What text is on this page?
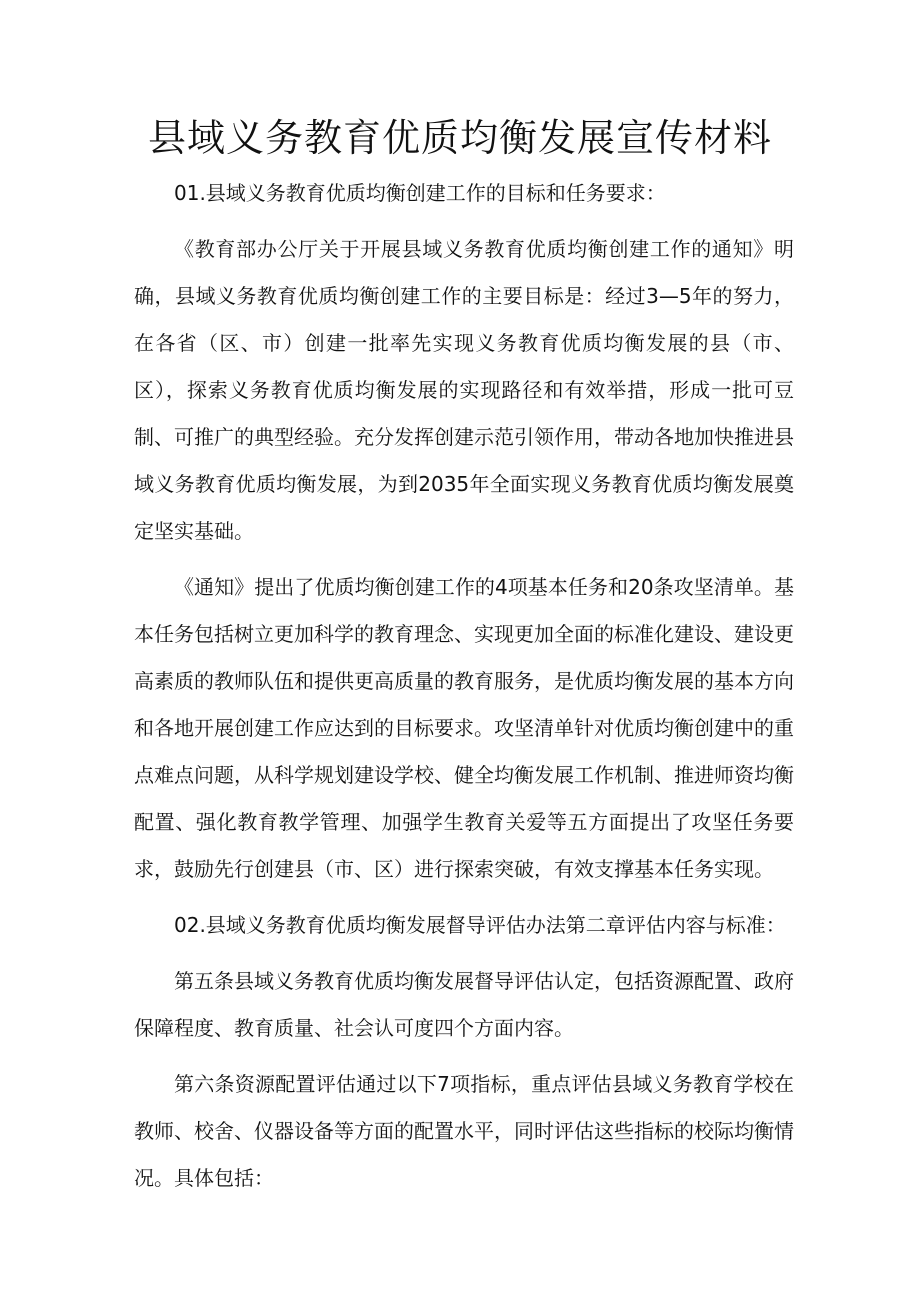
县域义务教育优质均衡发展宣传材料

01.县域义务教育优质均衡创建工作的目标和任务要求：

《教育部办公厅关于开展县域义务教育优质均衡创建工作的通知》明确，县域义务教育优质均衡创建工作的主要目标是：经过3—5年的努力，在各省（区、市）创建一批率先实现义务教育优质均衡发展的县（市、区），探索义务教育优质均衡发展的实现路径和有效举措，形成一批可豆制、可推广的典型经验。充分发挥创建示范引领作用，带动各地加快推进县域义务教育优质均衡发展，为到2035年全面实现义务教育优质均衡发展奠定坚实基础。

《通知》提出了优质均衡创建工作的4项基本任务和20条攻坚清单。基本任务包括树立更加科学的教育理念、实现更加全面的标准化建设、建设更高素质的教师队伍和提供更高质量的教育服务，是优质均衡发展的基本方向和各地开展创建工作应达到的目标要求。攻坚清单针对优质均衡创建中的重点难点问题，从科学规划建设学校、健全均衡发展工作机制、推进师资均衡配置、强化教育教学管理、加强学生教育关爱等五方面提出了攻坚任务要求，鼓励先行创建县（市、区）进行探索突破，有效支撑基本任务实现。

02.县域义务教育优质均衡发展督导评估办法第二章评估内容与标准：

第五条县域义务教育优质均衡发展督导评估认定，包括资源配置、政府保障程度、教育质量、社会认可度四个方面内容。

第六条资源配置评估通过以下7项指标，重点评估县域义务教育学校在教师、校舍、仪器设备等方面的配置水平，同时评估这些指标的校际均衡情况。具体包括：
